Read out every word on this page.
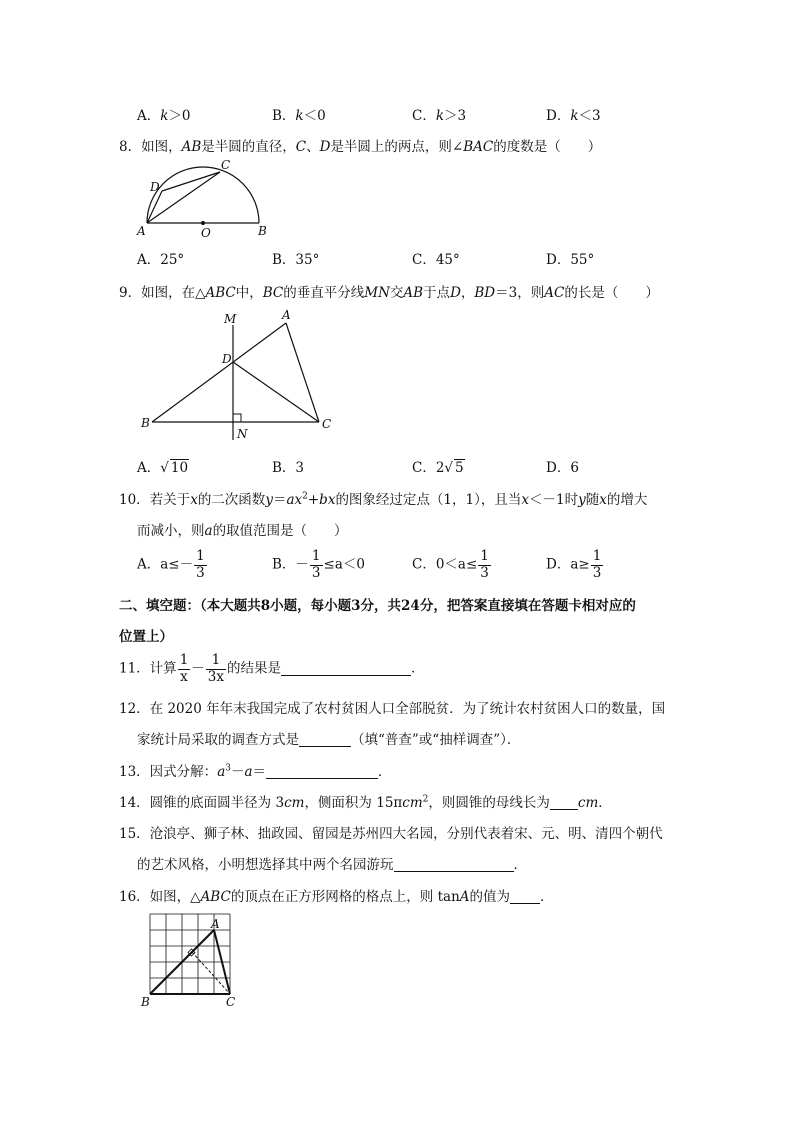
A．k＞0	B．k＜0	C．k＞3	D．k＜3
8．如图，AB是半圆的直径，C、D是半圆上的两点，则∠BAC的度数是（　　）
C
D
A	O	B
A．25°	B．35°	C．45°	D．55°
9．如图，在△ABC中，BC的垂直平分线MN交AB于点D，BD＝3，则AC的长是（　　）
M	A
D
B	C
N
A．√ 10	B．3	C．2√ 5	D．6
10．若关于x的二次函数$y=ax^2+bx$的图象经过定点（1，1），且当x＜－1时y随x的增大
而减小，则a的取值范围是（　　）
A．$a\le- \frac{1}{3}$	B．－ $\frac{1}{3} \le a<0$	C．$0<a\le \frac{1}{3}$	D．$a\ge \frac{1}{3}$
二、填空题：（本大题共8小题，每小题3分，共24分，把答案直接填在答题卡相对应的
位置上）
11．计算 $\frac{1}{x} - \frac{1}{3x}$ 的结果是	．
12．在 2020 年年末我国完成了农村贫困人口全部脱贫．为了统计农村贫困人口的数量，国
家统计局采取的调查方式是	（填“普查”或“抽样调查”）．
13．因式分解：$a^3-a=$	．
14．圆锥的底面圆半径为 3cm，侧面积为 15πcm$^2$，则圆锥的母线长为 cm．
15．沧浪亭、狮子林、拙政园、留园是苏州四大名园，分别代表着宋、元、明、清四个朝代
的艺术风格，小明想选择其中两个名园游玩	．
16．如图，△ABC的顶点在正方形网格的格点上，则 tanA的值为 ．
A
B	C
